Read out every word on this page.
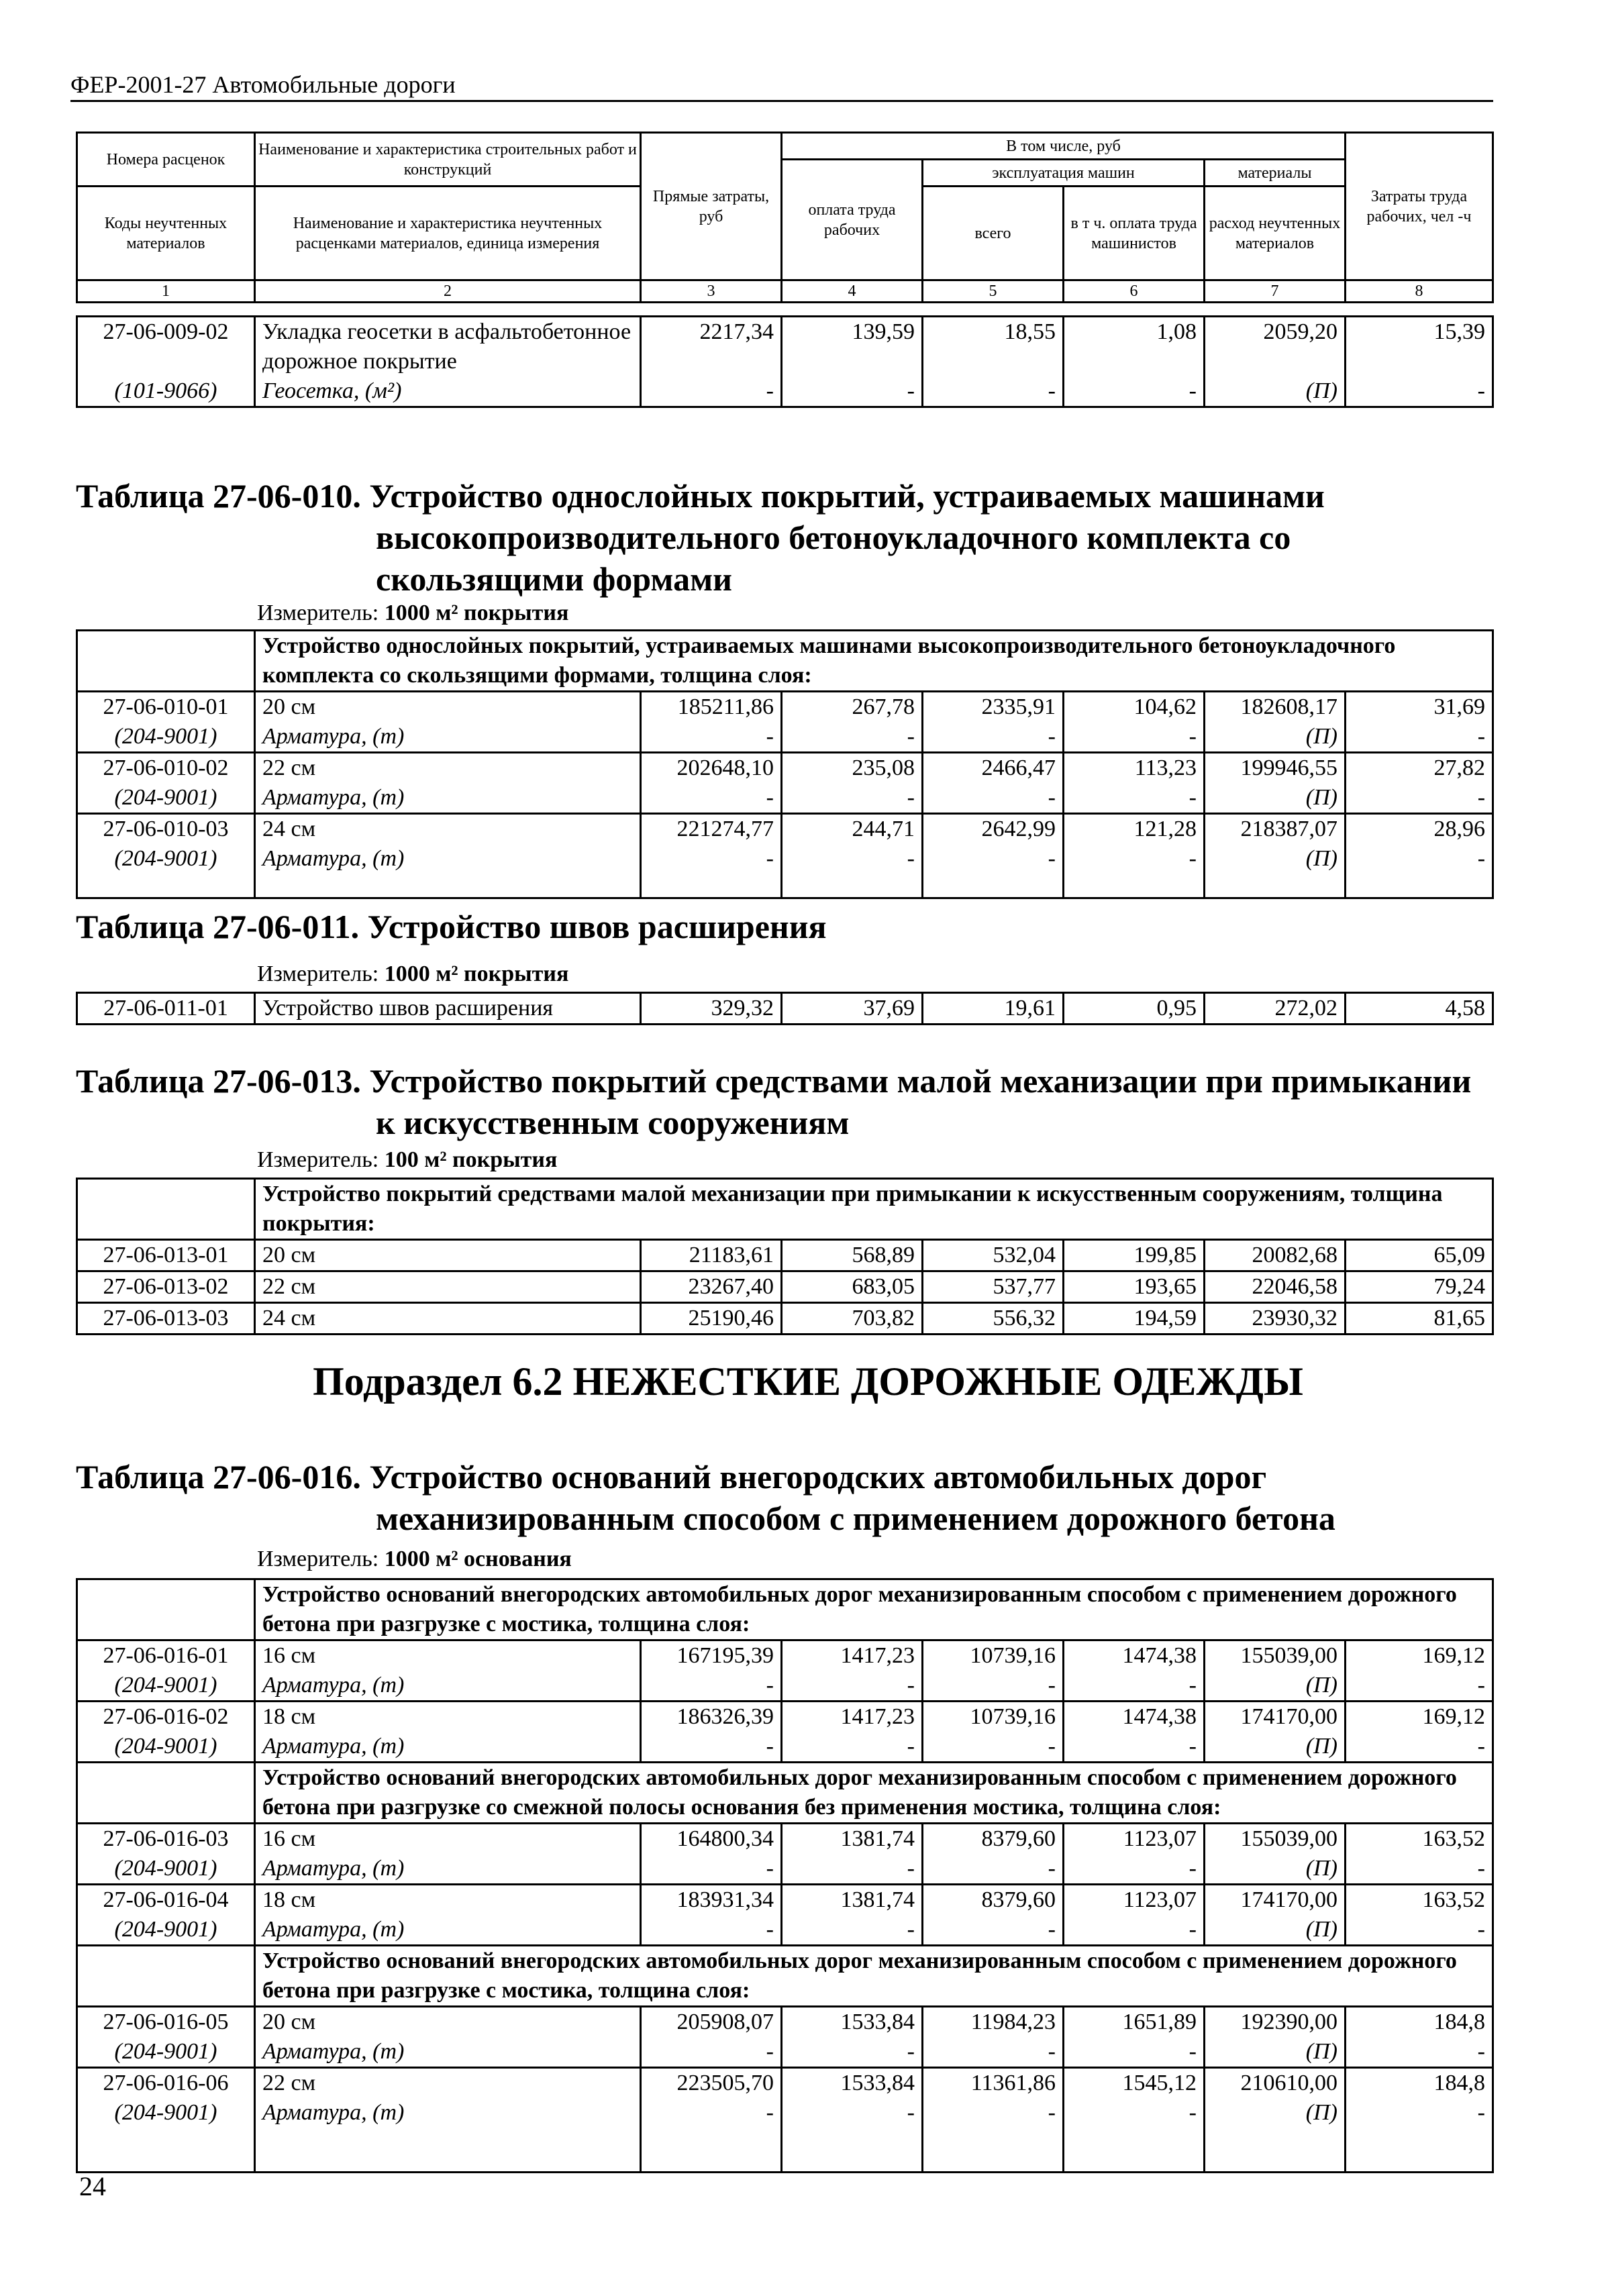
ФЕР-2001-27 Автомобильные дороги
Номера расценок	Наименование и характеристика строительных работ и конструкций	Прямые затраты, руб	В том числе, руб				Затраты труда рабочих, чел -ч
			оплата труда рабочих	эксплуатация машин		материалы	
Коды неучтенных материалов	Наименование и характеристика неучтенных расценками материалов, единица измерения			всего	в т ч. оплата труда машинистов	расход неучтенных материалов	

1	2	3	4	5	6	7	8
27-06-009-02	Укладка геосетки в асфальтобетонное дорожное покрытие	2217,34	139,59	18,55	1,08	2059,20	15,39
(101-9066)	Геосетка, (м²)	-	-	-	-	(П)	-
Таблица 27-06-010. Устройство однослойных покрытий, устраиваемых машинами
высокопроизводительного бетоноукладочного комплекта со
скользящими формами
Измеритель: 1000 м² покрытия
	Устройство однослойных покрытий, устраиваемых машинами высокопроизводительного бетоноукладочного комплекта со скользящими формами, толщина слоя:						
27-06-010-01	20 см	185211,86	267,78	2335,91	104,62	182608,17	31,69
(204-9001)	Арматура, (т)	-	-	-	-	(П)	-
27-06-010-02	22 см	202648,10	235,08	2466,47	113,23	199946,55	27,82
(204-9001)	Арматура, (т)	-	-	-	-	(П)	-
27-06-010-03	24 см	221274,77	244,71	2642,99	121,28	218387,07	28,96
(204-9001)	Арматура, (т)	-	-	-	-	(П)	-
Таблица 27-06-011. Устройство швов расширения
Измеритель: 1000 м² покрытия
27-06-011-01	Устройство швов расширения	329,32	37,69	19,61	0,95	272,02	4,58
Таблица 27-06-013. Устройство покрытий средствами малой механизации при примыкании
к искусственным сооружениям
Измеритель: 100 м² покрытия
	Устройство покрытий средствами малой механизации при примыкании к искусственным сооружениям, толщина покрытия:						
27-06-013-01	20 см	21183,61	568,89	532,04	199,85	20082,68	65,09
27-06-013-02	22 см	23267,40	683,05	537,77	193,65	22046,58	79,24
27-06-013-03	24 см	25190,46	703,82	556,32	194,59	23930,32	81,65
Подраздел 6.2 НЕЖЕСТКИЕ ДОРОЖНЫЕ ОДЕЖДЫ
Таблица 27-06-016. Устройство оснований внегородских автомобильных дорог
механизированным способом с применением дорожного бетона
Измеритель: 1000 м² основания
	Устройство оснований внегородских автомобильных дорог механизированным способом с применением дорожного бетона при разгрузке с мостика, толщина слоя:						
27-06-016-01	16 см	167195,39	1417,23	10739,16	1474,38	155039,00	169,12
(204-9001)	Арматура, (т)	-	-	-	-	(П)	-
27-06-016-02	18 см	186326,39	1417,23	10739,16	1474,38	174170,00	169,12
(204-9001)	Арматура, (т)	-	-	-	-	(П)	-
	Устройство оснований внегородских автомобильных дорог механизированным способом с применением дорожного бетона при разгрузке со смежной полосы основания без применения мостика, толщина слоя:						
27-06-016-03	16 см	164800,34	1381,74	8379,60	1123,07	155039,00	163,52
(204-9001)	Арматура, (т)	-	-	-	-	(П)	-
27-06-016-04	18 см	183931,34	1381,74	8379,60	1123,07	174170,00	163,52
(204-9001)	Арматура, (т)	-	-	-	-	(П)	-
	Устройство оснований внегородских автомобильных дорог механизированным способом с применением дорожного бетона при разгрузке с мостика, толщина слоя:						
27-06-016-05	20 см	205908,07	1533,84	11984,23	1651,89	192390,00	184,8
(204-9001)	Арматура, (т)	-	-	-	-	(П)	-
27-06-016-06	22 см	223505,70	1533,84	11361,86	1545,12	210610,00	184,8
(204-9001)	Арматура, (т)	-	-	-	-	(П)	-
24
